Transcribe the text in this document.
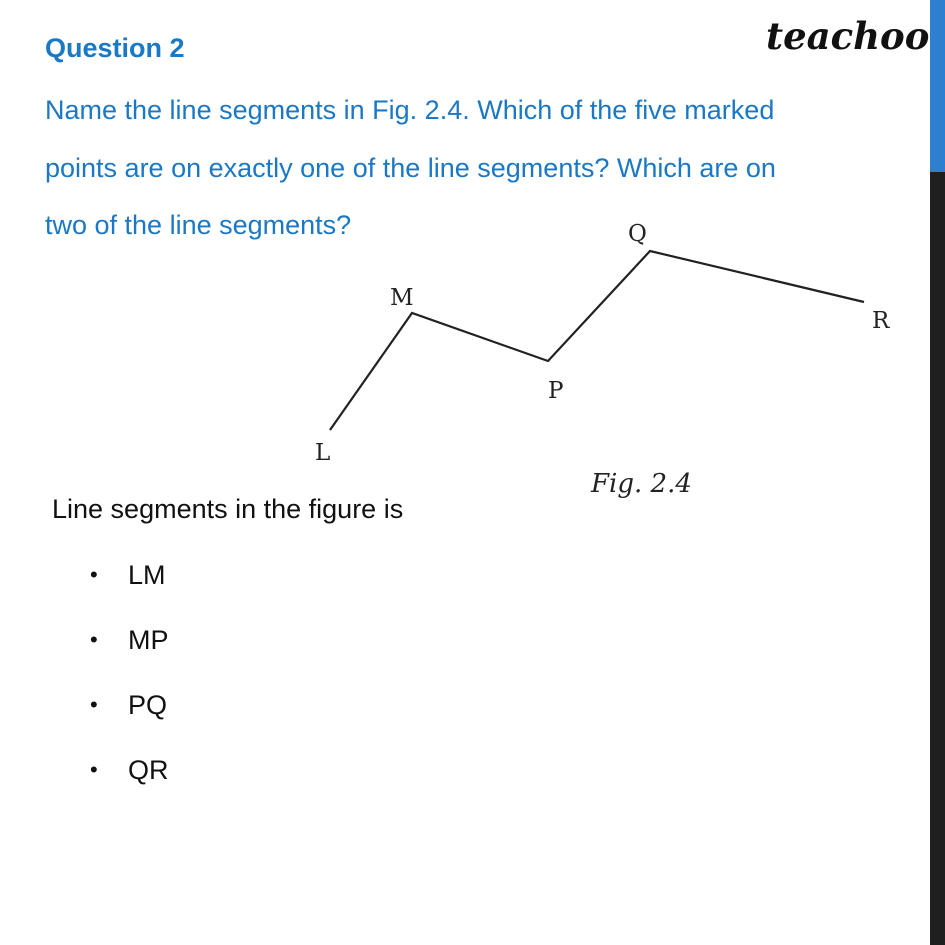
Question 2	teachoo
Name the line segments in Fig. 2.4. Which of the five marked
points are on exactly one of the line segments? Which are on
two of the line segments?
L
M
P
Q
R
Fig. 2.4
Line segments in the figure is
•	LM
•	MP
•	PQ
•	QR
